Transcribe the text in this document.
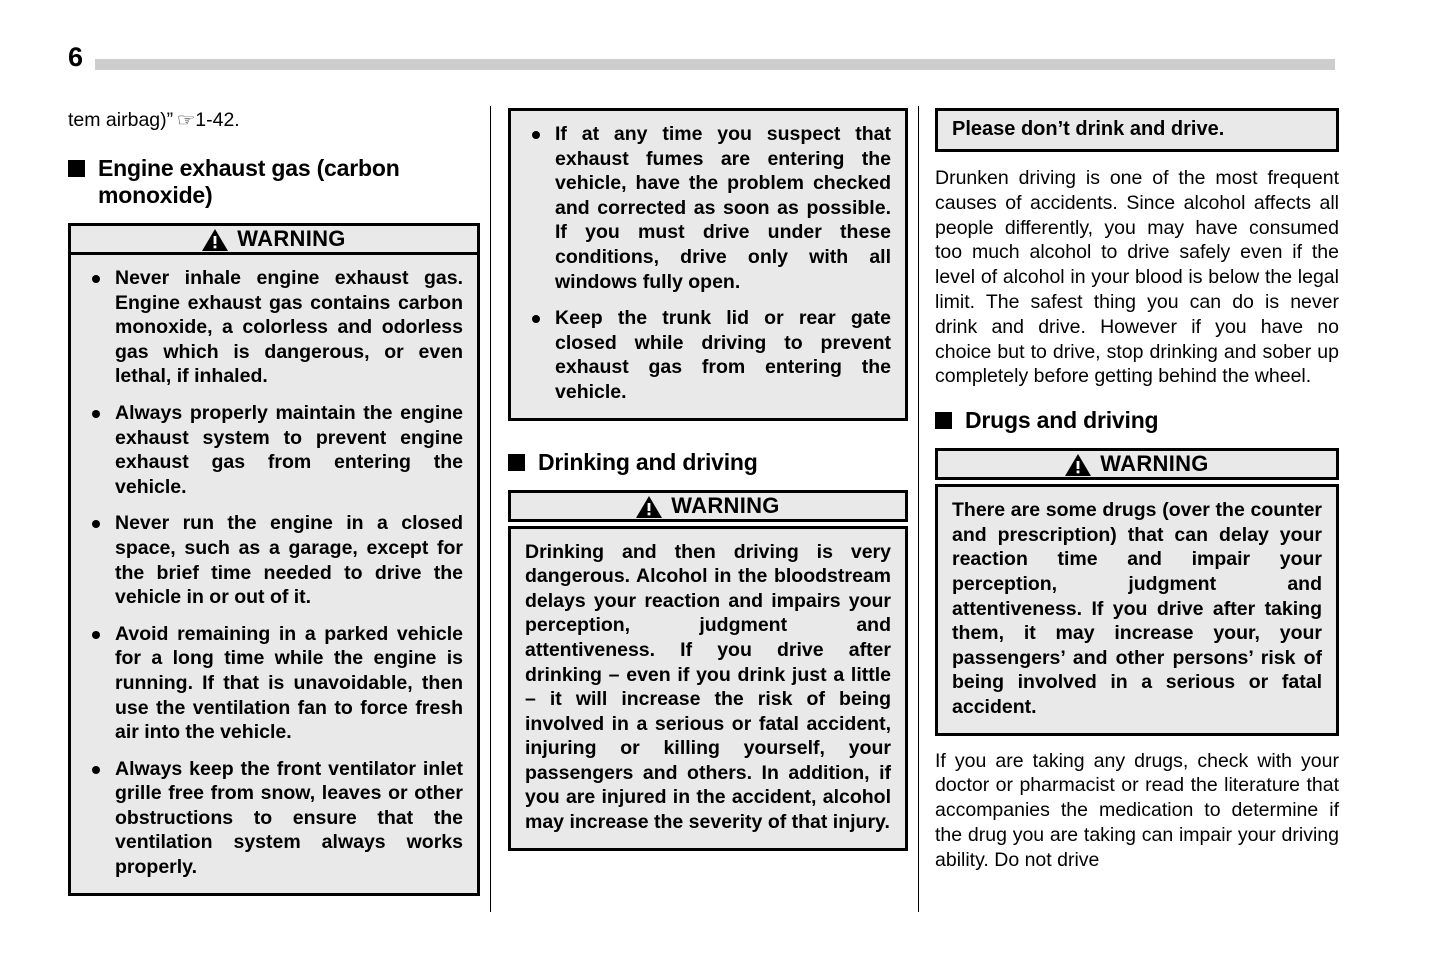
6

tem airbag)” ☞1-42.

Engine exhaust gas (carbon monoxide)
WARNING
Never inhale engine exhaust gas. Engine exhaust gas contains carbon monoxide, a colorless and odorless gas which is dangerous, or even lethal, if inhaled.
Always properly maintain the engine exhaust system to prevent engine exhaust gas from entering the vehicle.
Never run the engine in a closed space, such as a garage, except for the brief time needed to drive the vehicle in or out of it.
Avoid remaining in a parked vehicle for a long time while the engine is running. If that is unavoidable, then use the ventilation fan to force fresh air into the vehicle.
Always keep the front ventilator inlet grille free from snow, leaves or other obstructions to ensure that the ventilation system always works properly.
If at any time you suspect that exhaust fumes are entering the vehicle, have the problem checked and corrected as soon as possible. If you must drive under these conditions, drive only with all windows fully open.
Keep the trunk lid or rear gate closed while driving to prevent exhaust gas from entering the vehicle.
Drinking and driving
WARNING

Drinking and then driving is very dangerous. Alcohol in the bloodstream delays your reaction and impairs your perception, judgment and attentiveness. If you drive after drinking – even if you drink just a little – it will increase the risk of being involved in a serious or fatal accident, injuring or killing yourself, your passengers and others. In addition, if you are injured in the accident, alcohol may increase the severity of that injury.

Please don’t drink and drive.

Drunken driving is one of the most frequent causes of accidents. Since alcohol affects all people differently, you may have consumed too much alcohol to drive safely even if the level of alcohol in your blood is below the legal limit. The safest thing you can do is never drink and drive. However if you have no choice but to drive, stop drinking and sober up completely before getting behind the wheel.

Drugs and driving
WARNING

There are some drugs (over the counter and prescription) that can delay your reaction time and impair your perception, judgment and attentiveness. If you drive after taking them, it may increase your, your passengers’ and other persons’ risk of being involved in a serious or fatal accident.

If you are taking any drugs, check with your doctor or pharmacist or read the literature that accompanies the medication to determine if the drug you are taking can impair your driving ability. Do not drive
